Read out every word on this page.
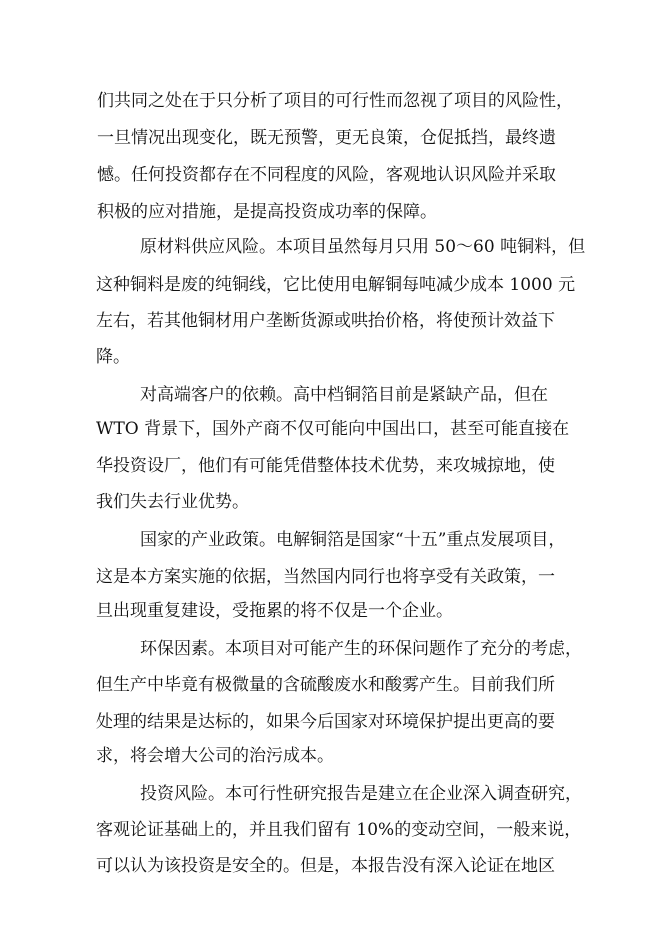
们共同之处在于只分析了项目的可行性而忽视了项目的风险性，
一旦情况出现变化，既无预警，更无良策，仓促抵挡，最终遗
憾。任何投资都存在不同程度的风险，客观地认识风险并采取
积极的应对措施，是提高投资成功率的保障。
原材料供应风险。本项目虽然每月只用 50～60 吨铜料，但
这种铜料是废的纯铜线，它比使用电解铜每吨减少成本 1000 元
左右，若其他铜材用户垄断货源或哄抬价格，将使预计效益下
降。
对高端客户的依赖。高中档铜箔目前是紧缺产品，但在
WTO 背景下，国外产商不仅可能向中国出口，甚至可能直接在
华投资设厂，他们有可能凭借整体技术优势，来攻城掠地，使
我们失去行业优势。
国家的产业政策。电解铜箔是国家“十五”重点发展项目，
这是本方案实施的依据，当然国内同行也将享受有关政策，一
旦出现重复建设，受拖累的将不仅是一个企业。
环保因素。本项目对可能产生的环保问题作了充分的考虑，
但生产中毕竟有极微量的含硫酸废水和酸雾产生。目前我们所
处理的结果是达标的，如果今后国家对环境保护提出更高的要
求，将会增大公司的治污成本。
投资风险。本可行性研究报告是建立在企业深入调查研究，
客观论证基础上的，并且我们留有 10%的变动空间，一般来说，
可以认为该投资是安全的。但是，本报告没有深入论证在地区
